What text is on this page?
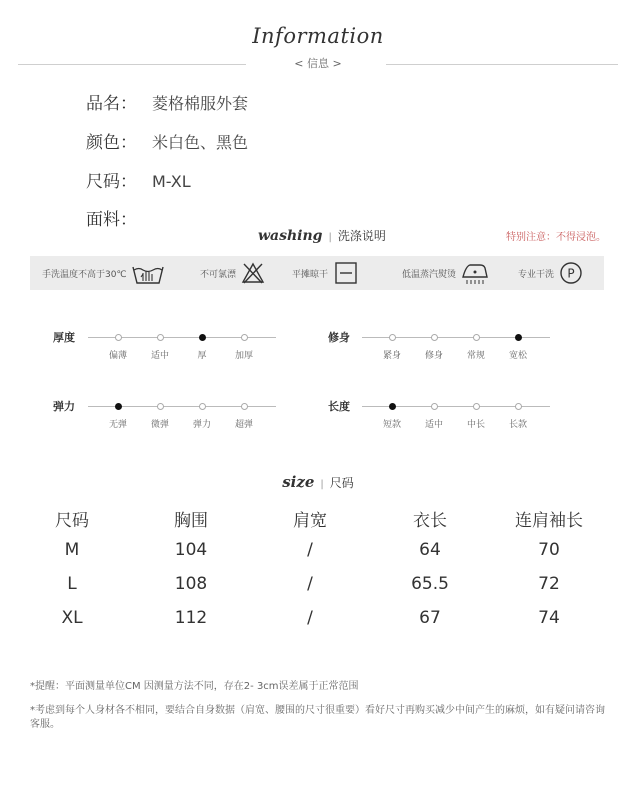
Information
< 信息 >
品名： 菱格棉服外套
颜色： 米白色、黑色
尺码： M-XL
面料：
washing | 洗涤说明	特别注意：不得浸泡。
手洗温度不高于30℃	不可氯漂	平摊晾干	低温蒸汽熨烫	专业干洗 P
厚度
偏薄	适中	厚	加厚
修身
紧身	修身	常规	宽松
弹力
无弹	微弹	弹力	超弹
长度
短款	适中	中长	长款
size | 尺码
尺码	胸围	肩宽	衣长	连肩袖长
M	104	/	64	70
L	108	/	65.5	72
XL	112	/	67	74
*提醒：平面测量单位CM 因测量方法不同，存在2- 3cm误差属于正常范围
*考虑到每个人身材各不相同，要结合自身数据（肩宽、腰围的尺寸很重要）看好尺寸再购买减少中间产生的麻烦，如有疑问请咨询客服。
